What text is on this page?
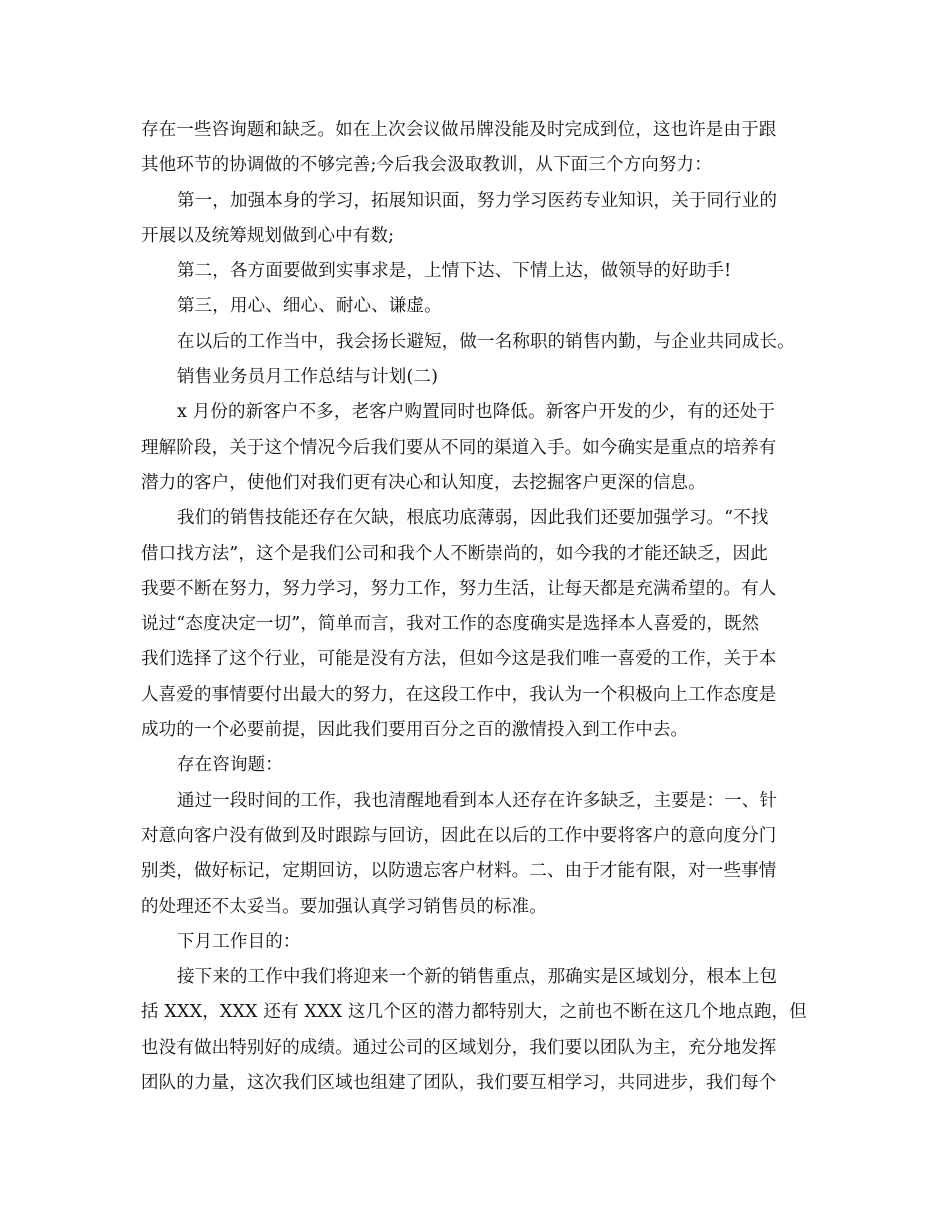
存在一些咨询题和缺乏。如在上次会议做吊牌没能及时完成到位，这也许是由于跟
其他环节的协调做的不够完善;今后我会汲取教训，从下面三个方向努力：
第一，加强本身的学习，拓展知识面，努力学习医药专业知识，关于同行业的
开展以及统筹规划做到心中有数;
第二，各方面要做到实事求是，上情下达、下情上达，做领导的好助手!
第三，用心、细心、耐心、谦虚。
在以后的工作当中，我会扬长避短，做一名称职的销售内勤，与企业共同成长。
销售业务员月工作总结与计划(二)
x 月份的新客户不多，老客户购置同时也降低。新客户开发的少，有的还处于
理解阶段，关于这个情况今后我们要从不同的渠道入手。如今确实是重点的培养有
潜力的客户，使他们对我们更有决心和认知度，去挖掘客户更深的信息。
我们的销售技能还存在欠缺，根底功底薄弱，因此我们还要加强学习。“不找
借口找方法”，这个是我们公司和我个人不断崇尚的，如今我的才能还缺乏，因此
我要不断在努力，努力学习，努力工作，努力生活，让每天都是充满希望的。有人
说过“态度决定一切”，简单而言，我对工作的态度确实是选择本人喜爱的，既然
我们选择了这个行业，可能是没有方法，但如今这是我们唯一喜爱的工作，关于本
人喜爱的事情要付出最大的努力，在这段工作中，我认为一个积极向上工作态度是
成功的一个必要前提，因此我们要用百分之百的激情投入到工作中去。
存在咨询题：
通过一段时间的工作，我也清醒地看到本人还存在许多缺乏，主要是：一、针
对意向客户没有做到及时跟踪与回访，因此在以后的工作中要将客户的意向度分门
别类，做好标记，定期回访，以防遗忘客户材料。二、由于才能有限，对一些事情
的处理还不太妥当。要加强认真学习销售员的标准。
下月工作目的：
接下来的工作中我们将迎来一个新的销售重点，那确实是区域划分，根本上包
括 XXX，XXX 还有 XXX 这几个区的潜力都特别大，之前也不断在这几个地点跑，但
也没有做出特别好的成绩。通过公司的区域划分，我们要以团队为主，充分地发挥
团队的力量，这次我们区域也组建了团队，我们要互相学习，共同进步，我们每个
